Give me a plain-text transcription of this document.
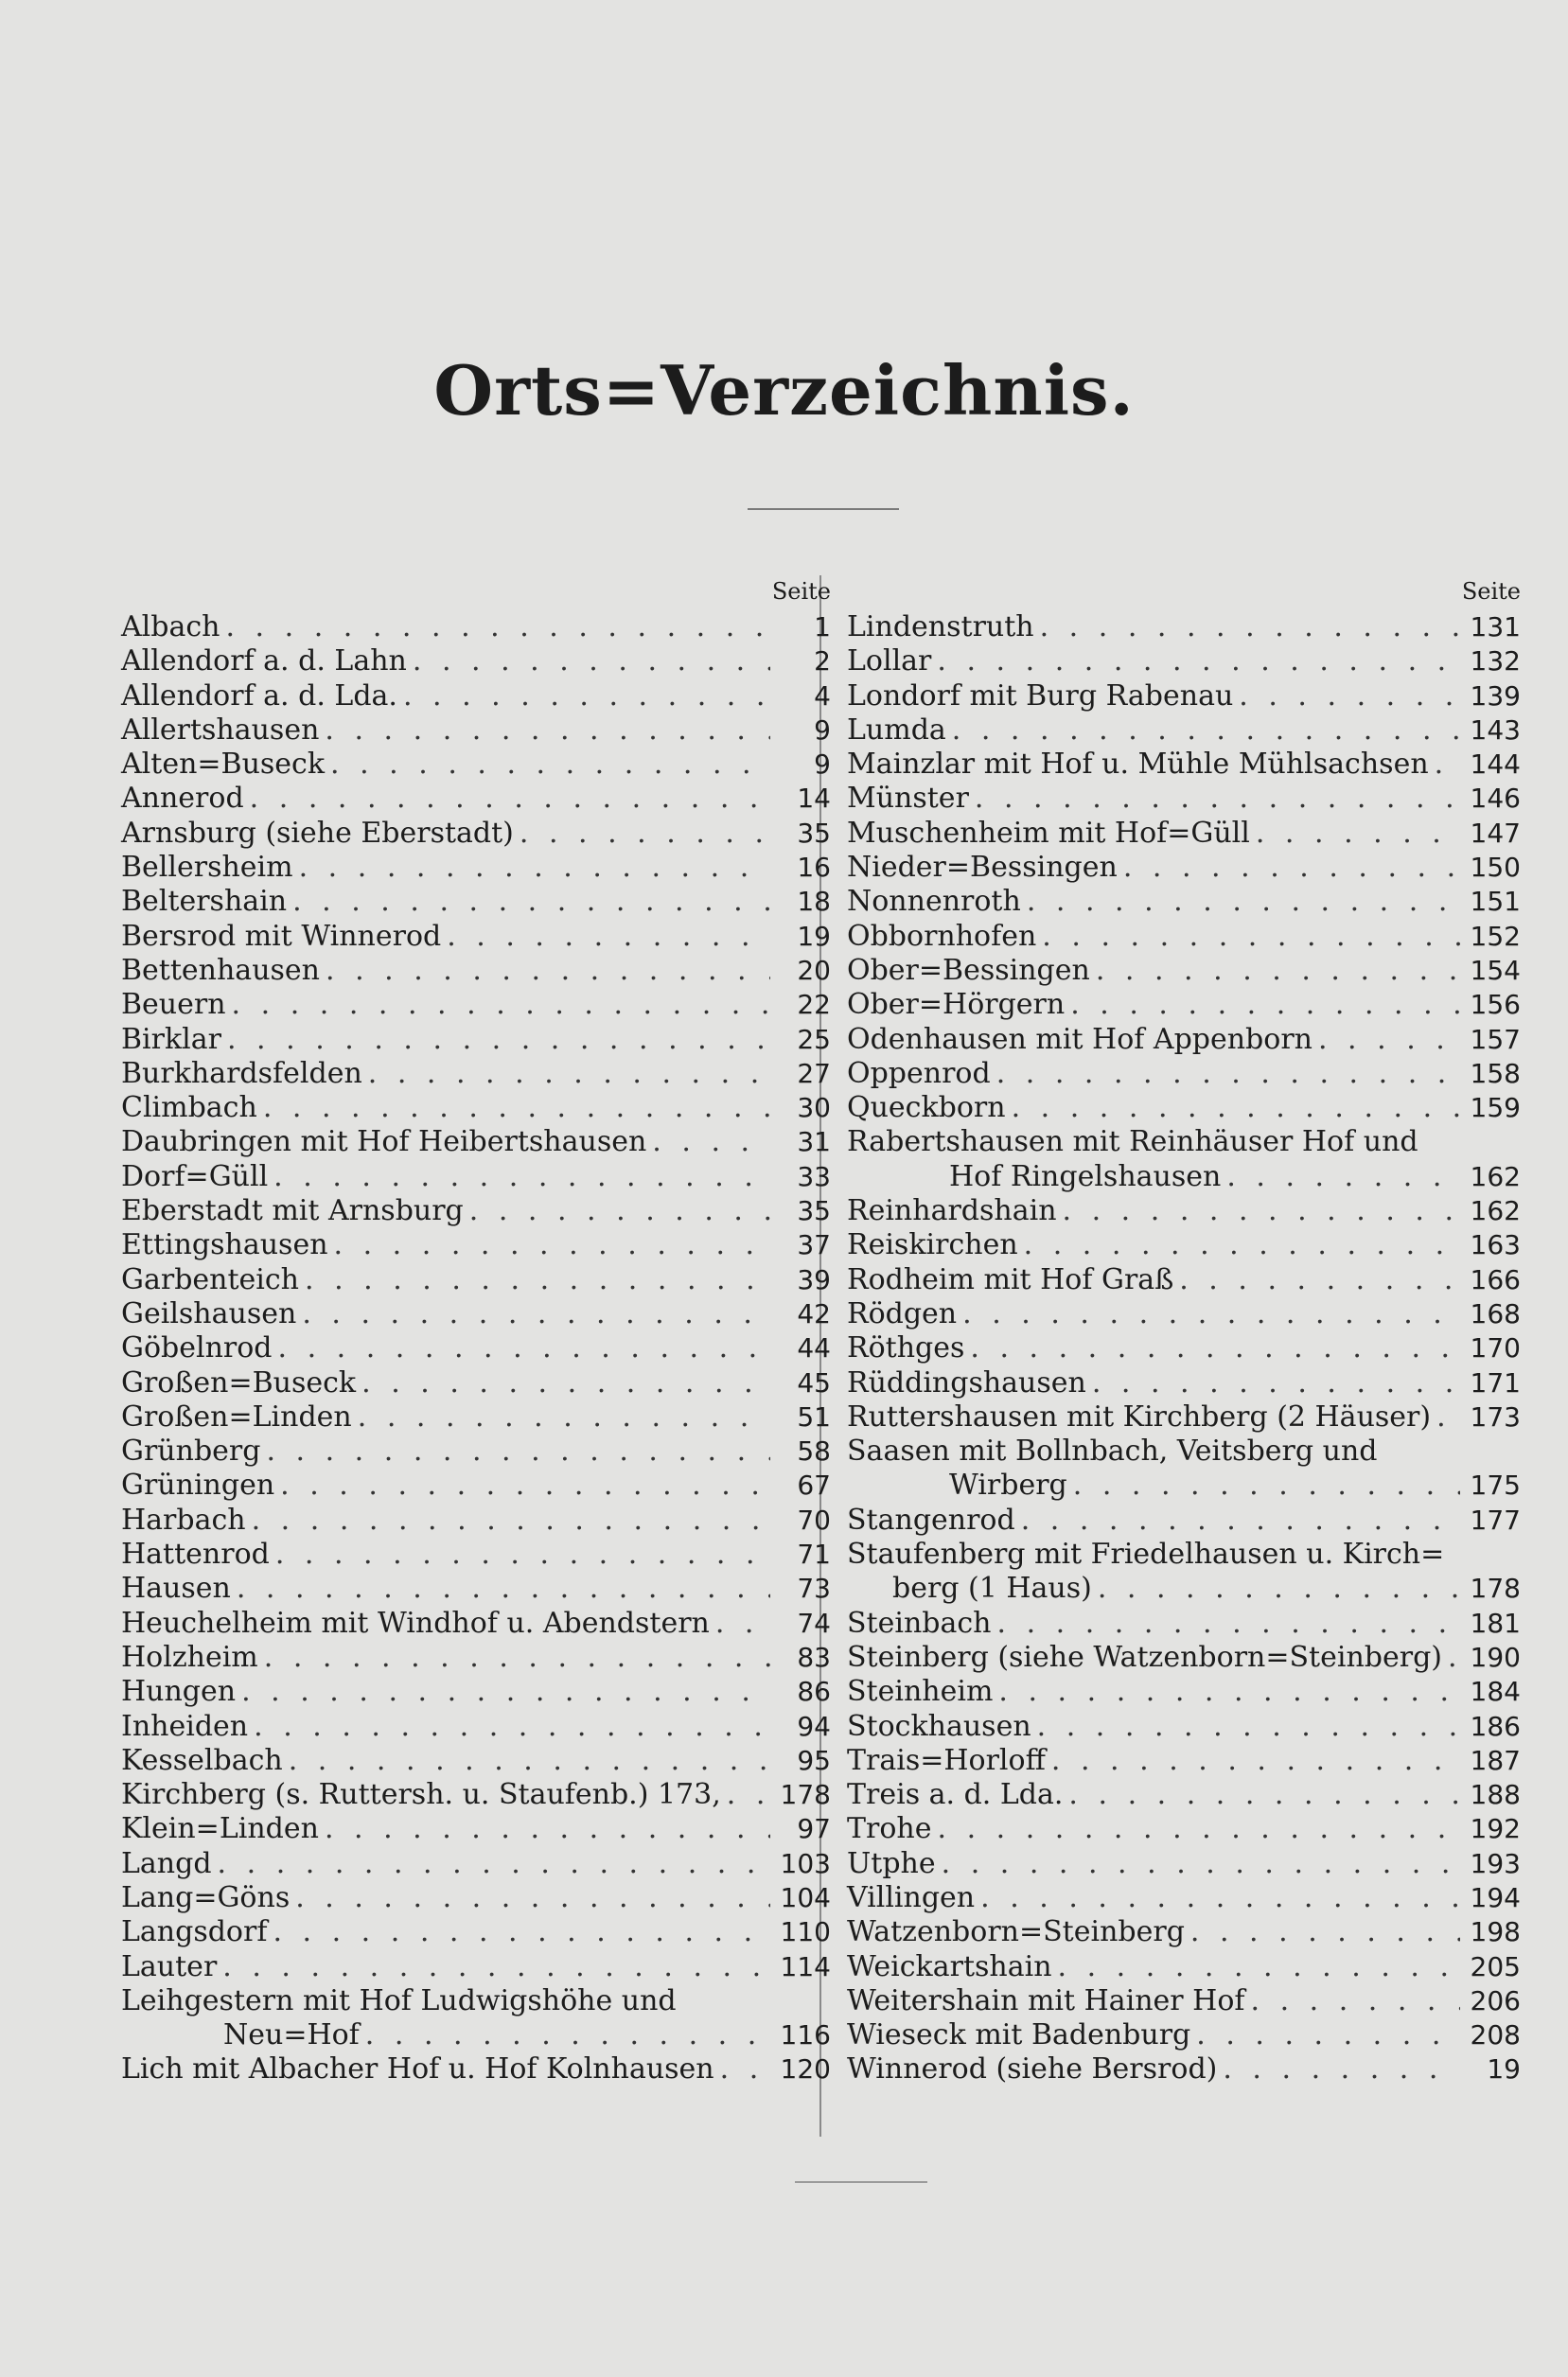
Orts=Verzeichnis.
Seite
Albach . . .	1
Allendorf a. d. Lahn . . .	2
Allendorf a. d. Lda. . . .	4
Allertshausen . . .	9
Alten=Buseck . . .	9
Annerod . . .	14
Arnsburg (siehe Eberstadt) . . .	35
Bellersheim . . .	16
Beltershain . . .	18
Bersrod mit Winnerod . . .	19
Bettenhausen . . .	20
Beuern . . .	22
Birklar . . .	25
Burkhardsfelden . . .	27
Climbach . . .	30
Daubringen mit Hof Heibertshausen . . .	31
Dorf=Güll . . .	33
Eberstadt mit Arnsburg . . .	35
Ettingshausen . . .	37
Garbenteich . . .	39
Geilshausen . . .	42
Göbelnrod . . .	44
Großen=Buseck . . .	45
Großen=Linden . . .	51
Grünberg . . .	58
Grüningen . . .	67
Harbach . . .	70
Hattenrod . . .	71
Hausen . . .	73
Heuchelheim mit Windhof u. Abendstern . . .	74
Holzheim . . .	83
Hungen . . .	86
Inheiden . . .	94
Kesselbach . . .	95
Kirchberg (s. Ruttersh. u. Staufenb.) 173, . . . 178
Klein=Linden . . .	97
Langd . . .	103
Lang=Göns . . .	104
Langsdorf . . .	110
Lauter . . .	114
Leihgestern mit Hof Ludwigshöhe und
Neu=Hof . . .	116
Lich mit Albacher Hof u. Hof Kolnhausen . . . 120
Seite
Lindenstruth . . .	131
Lollar . . .	132
Londorf mit Burg Rabenau . . .	139
Lumda . . .	143
Mainzlar mit Hof u. Mühle Mühlsachsen . . . 144
Münster . . .	146
Muschenheim mit Hof=Güll . . .	147
Nieder=Bessingen . . .	150
Nonnenroth . . .	151
Obbornhofen . . .	152
Ober=Bessingen . . .	154
Ober=Hörgern . . .	156
Odenhausen mit Hof Appenborn . . .	157
Oppenrod . . .	158
Queckborn . . .	159
Rabertshausen mit Reinhäuser Hof und
Hof Ringelshausen . . .	162
Reinhardshain . . .	162
Reiskirchen . . .	163
Rodheim mit Hof Graß . . .	166
Rödgen . . .	168
Röthges . . .	170
Rüddingshausen . . .	171
Ruttershausen mit Kirchberg (2 Häuser) . . . 173
Saasen mit Bollnbach, Veitsberg und
Wirberg . . .	175
Stangenrod . . .	177
Staufenberg mit Friedelhausen u. Kirch=
berg (1 Haus) . . .	178
Steinbach . . .	181
Steinberg (siehe Watzenborn=Steinberg) . . . 190
Steinheim . . .	184
Stockhausen . . .	186
Trais=Horloff . . .	187
Treis a. d. Lda. . . .	188
Trohe . . .	192
Utphe . . .	193
Villingen . . .	194
Watzenborn=Steinberg . . .	198
Weickartshain . . .	205
Weitershain mit Hainer Hof . . .	206
Wieseck mit Badenburg . . .	208
Winnerod (siehe Bersrod) . . .	19
